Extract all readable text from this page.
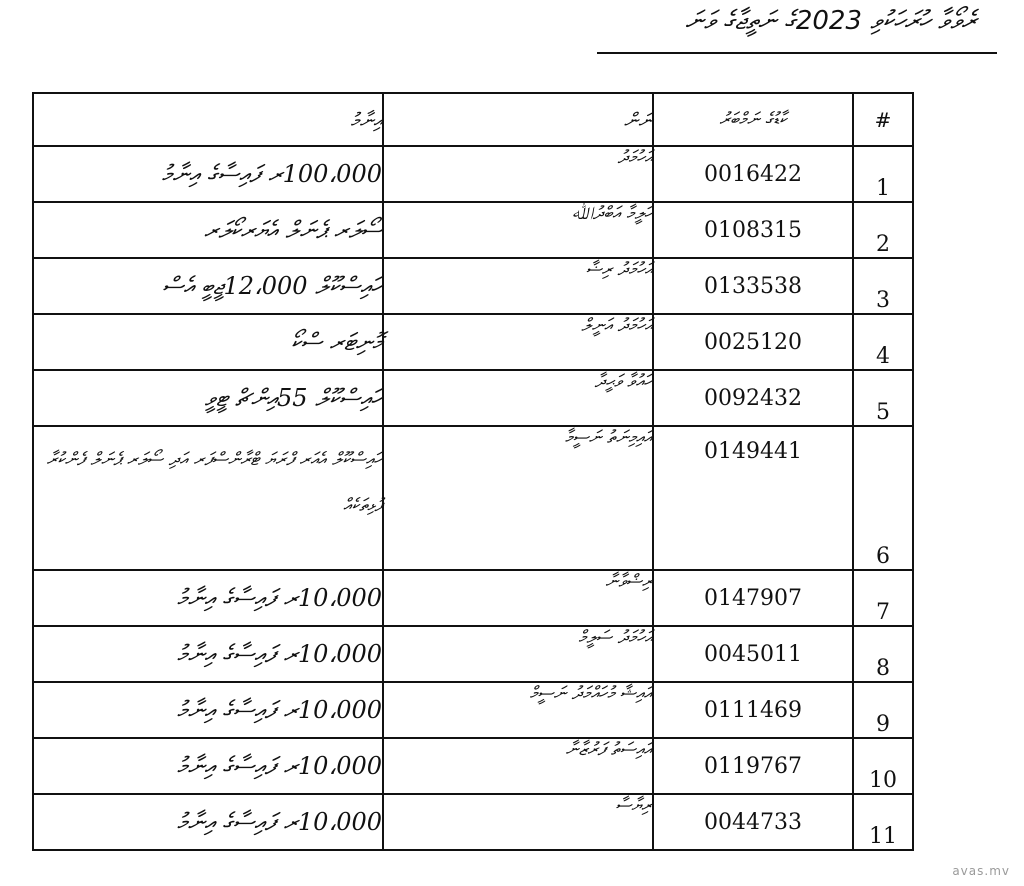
ރެވޯވާ ހުރަހަކުވި 2023ގެ ނަތީޖާގެ ވަނަ
އިނާމު	ނަން	ކާޑުގެ ނަމްބަރު	#
100،000ރ ފައިސާގެ އިނާމު	އަހުމަދު	0016422	1
ސޯލަރ ޕެނަލް އެޔަރކޯލަރ	ހަލީމާ އަބްދުﷲ	0108315	2
ހައިސްކޫލް 12،000ޖީބީ އެސް	އަހުމަދު ރިޟާ	0133538	3
މޮނިޓަރ ސްކޯ	އަހުމަދު އަނީލް	0025120	4
ހައިސްކޫލް 55އިންޗް ޓީވީ	ހައުވާ ވަޙީދާ	0092432	5
ހައިސްކޫލް އެއަރ ފްރަޔަ ޓްރާންސްފަރ އަދި ސޯލަރ ޕެނަލް ފެންކުރާ ފުޅިތަކެއް	އައިމިނަތު ނަސީމާ	0149441	6
10،000ރ ފައިސާގެ އިނާމު	ރިޟްވާނާ	0147907	7
10،000ރ ފައިސާގެ އިނާމު	އަހުމަދު ސަލީމް	0045011	8
10،000ރ ފައިސާގެ އިނާމު	އައިޝާ މުހައްމަދު ނަސީމް	0111469	9
10،000ރ ފައިސާގެ އިނާމު	އައިސަތު ފަރުޒާނާ	0119767	10
10،000ރ ފައިސާގެ އިނާމު	ރިޔާސާ	0044733	11
avas.mv
